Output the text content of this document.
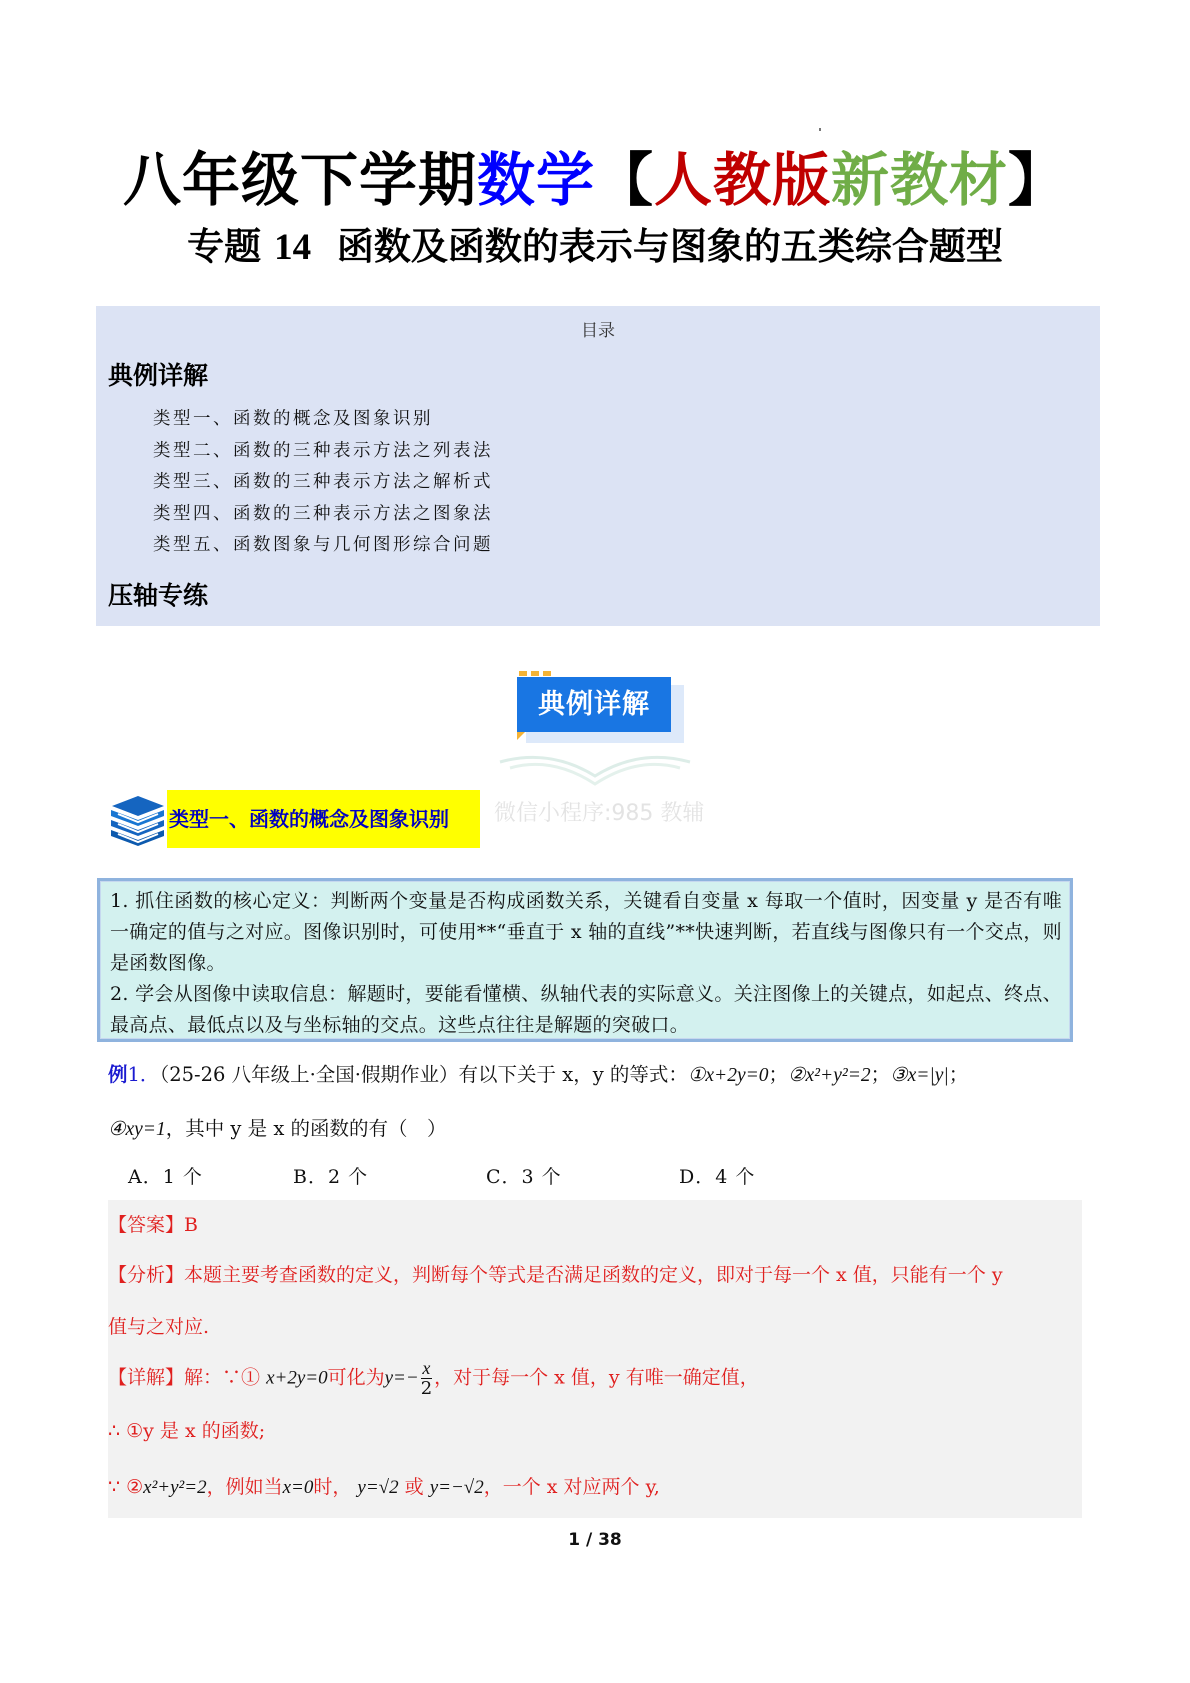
八年级下学期数学【人教版新教材】
专题 14 函数及函数的表示与图象的五类综合题型
目录
典例详解
类型一、函数的概念及图象识别
类型二、函数的三种表示方法之列表法
类型三、函数的三种表示方法之解析式
类型四、函数的三种表示方法之图象法
类型五、函数图象与几何图形综合问题
压轴专练
典例详解
微信小程序:985 教辅
类型一、函数的概念及图象识别

1. 抓住函数的核心定义：判断两个变量是否构成函数关系，关键看自变量 x 每取一个值时，因变量 y 是否有唯一确定的值与之对应。图像识别时，可使用**“垂直于 x 轴的直线”**快速判断，若直线与图像只有一个交点，则是函数图像。

2. 学会从图像中读取信息：解题时，要能看懂横、纵轴代表的实际意义。关注图像上的关键点，如起点、终点、最高点、最低点以及与坐标轴的交点。这些点往往是解题的突破口。

例1．（25-26 八年级上·全国·假期作业）有以下关于 x，y 的等式：①x+2y=0；②x²+y²=2；③x=|y|；
④xy=1，其中 y 是 x 的函数的有（　）
A．1 个	B．2 个	C．3 个	D．4 个
【答案】B
【分析】本题主要考查函数的定义，判断每个等式是否满足函数的定义，即对于每一个 x 值，只能有一个 y
值与之对应.
【详解】解：∵① x+2y=0可化为$y=- \frac{x}{2}$ ，对于每一个 x 值，y 有唯一确定值，
∴ ①y 是 x 的函数;
∵ ②x²+y²=2，例如当x=0时， y=√2 或 y=−√2，一个 x 对应两个 y,
1 / 38
